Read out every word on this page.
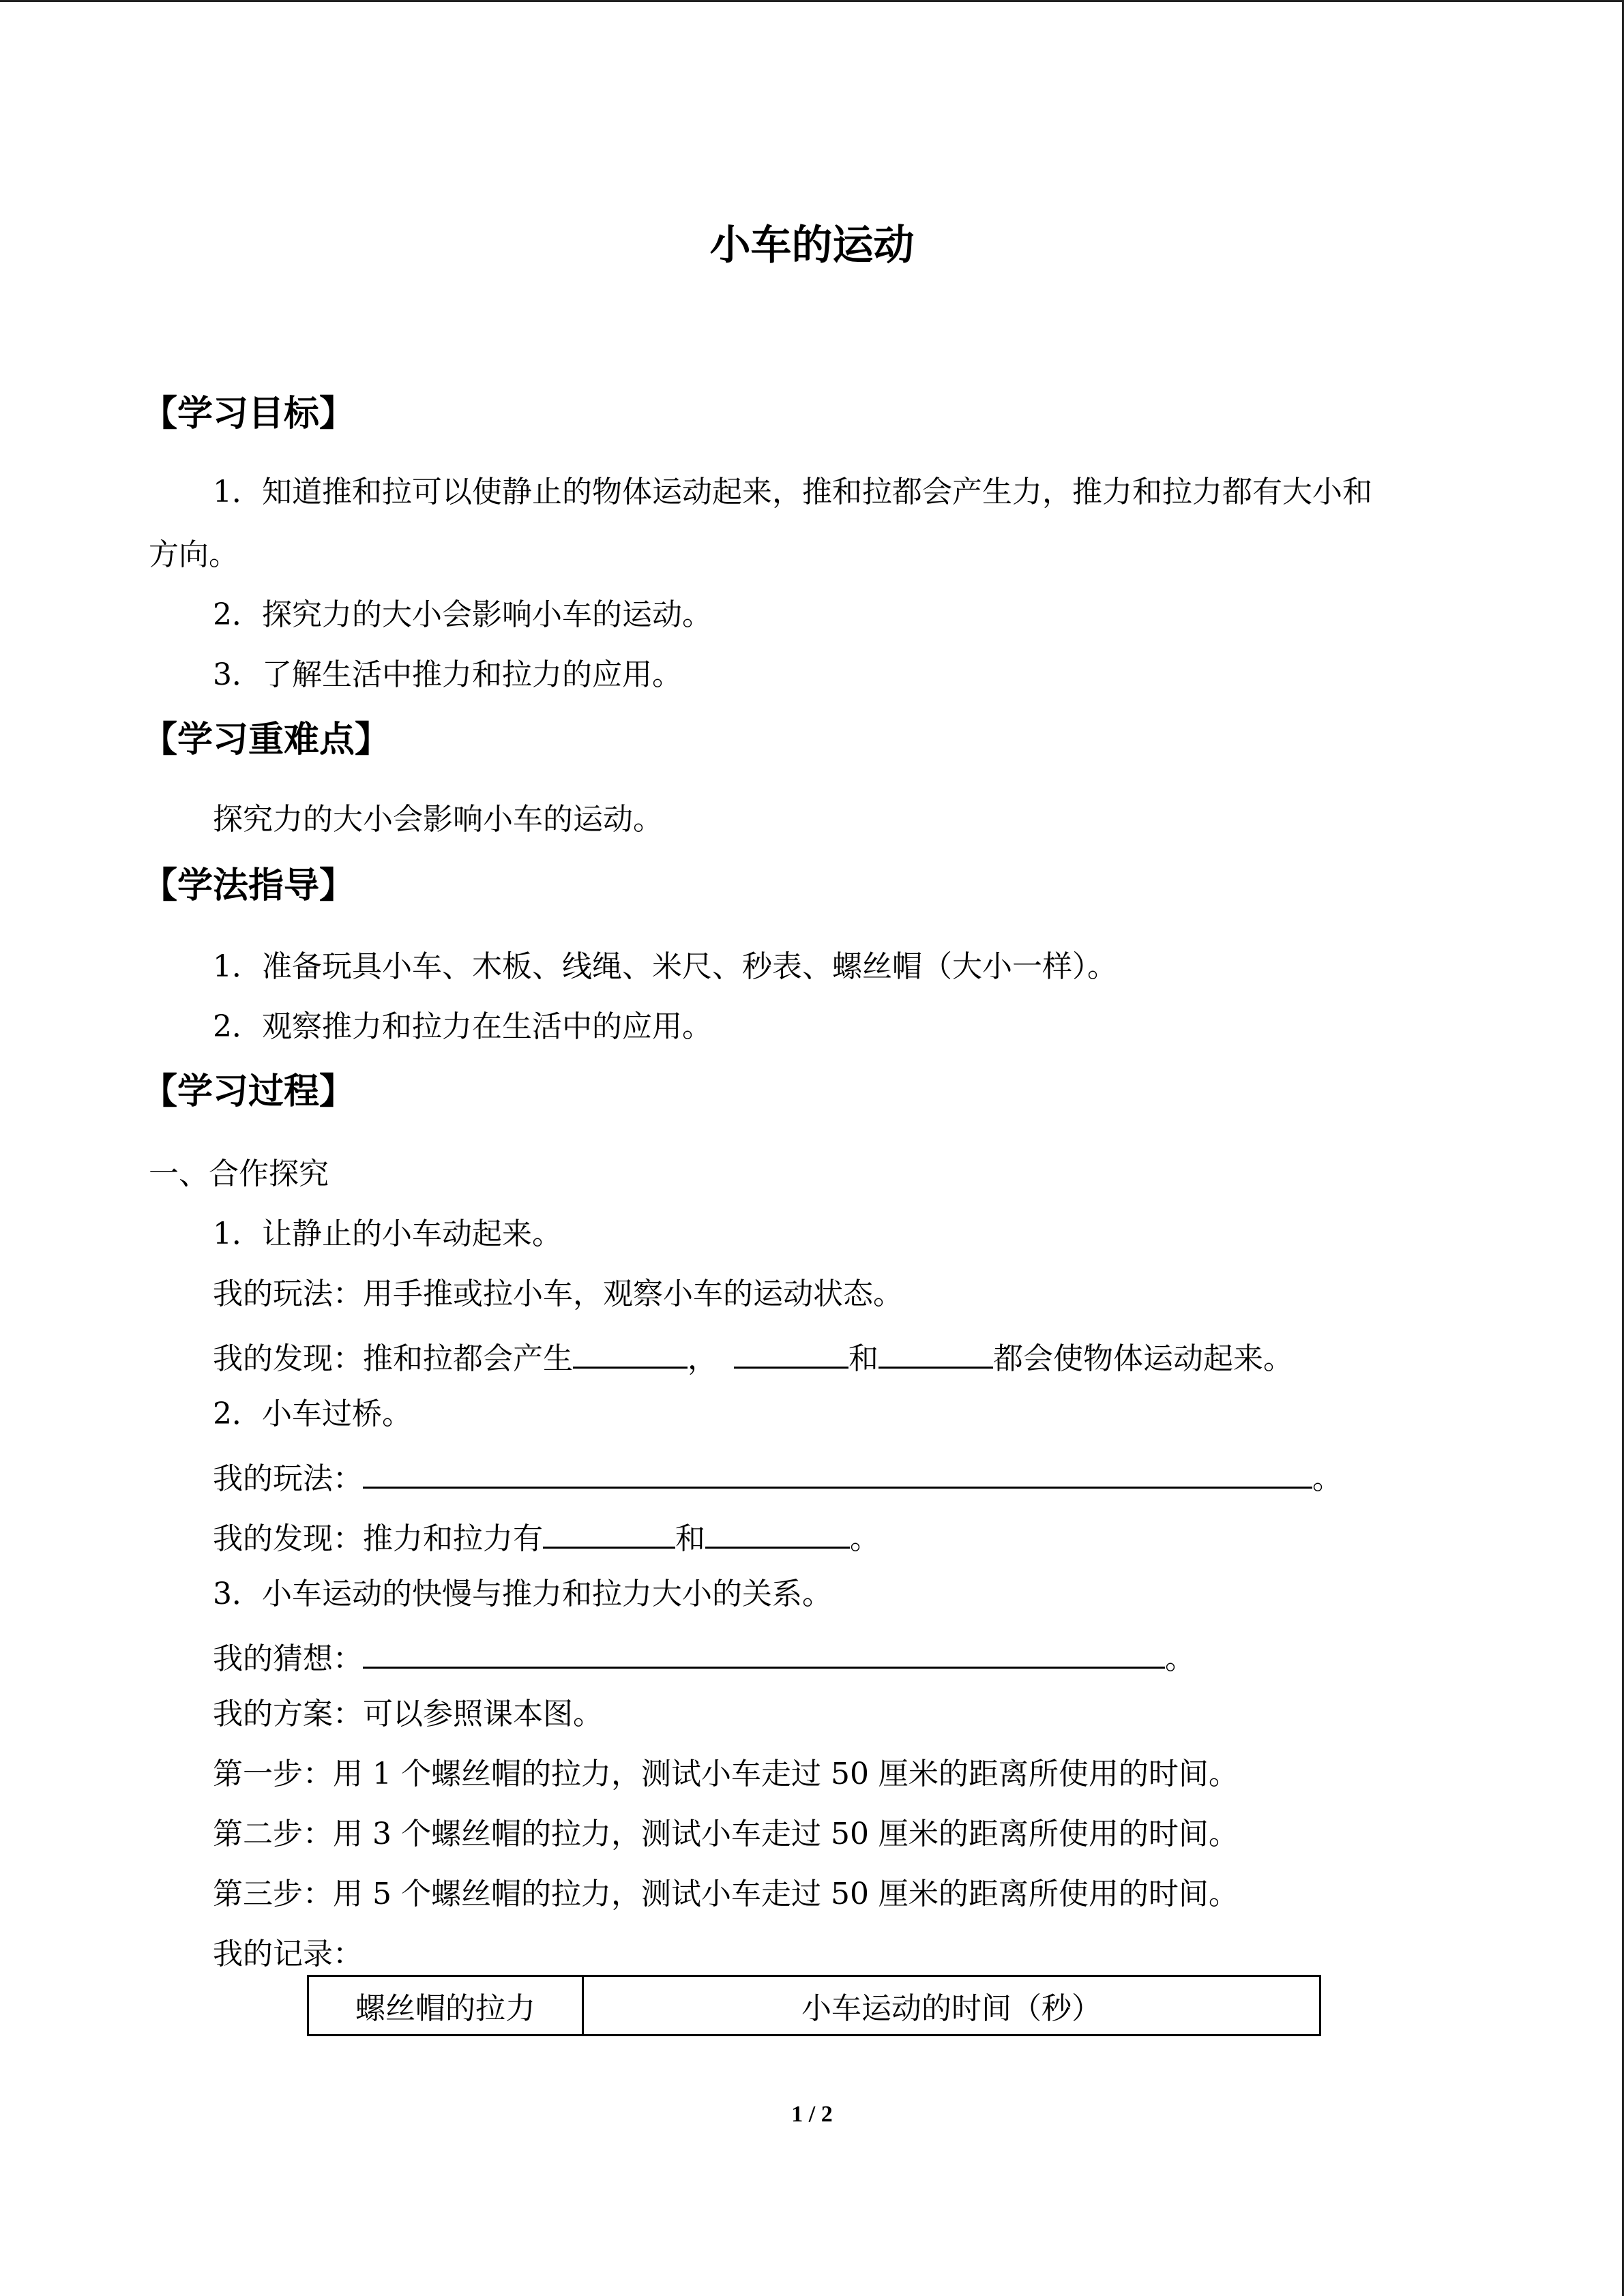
小车的运动
【学习目标】
1．知道推和拉可以使静止的物体运动起来，推和拉都会产生力，推力和拉力都有大小和
方向。
2．探究力的大小会影响小车的运动。
3．了解生活中推力和拉力的应用。
【学习重难点】
探究力的大小会影响小车的运动。
【学法指导】
1．准备玩具小车、木板、线绳、米尺、秒表、螺丝帽（大小一样）。
2．观察推力和拉力在生活中的应用。
【学习过程】
一、合作探究
1．让静止的小车动起来。
我的玩法：用手推或拉小车，观察小车的运动状态。
我的发现：推和拉都会产生	，	和	都会使物体运动起来。
2．小车过桥。
我的玩法：	。
我的发现：推力和拉力有	和	。
3．小车运动的快慢与推力和拉力大小的关系。
我的猜想：	。
我的方案：可以参照课本图。
第一步：用 1 个螺丝帽的拉力，测试小车走过 50 厘米的距离所使用的时间。
第二步：用 3 个螺丝帽的拉力，测试小车走过 50 厘米的距离所使用的时间。
第三步：用 5 个螺丝帽的拉力，测试小车走过 50 厘米的距离所使用的时间。
我的记录：
螺丝帽的拉力	小车运动的时间（秒）
1 / 2
